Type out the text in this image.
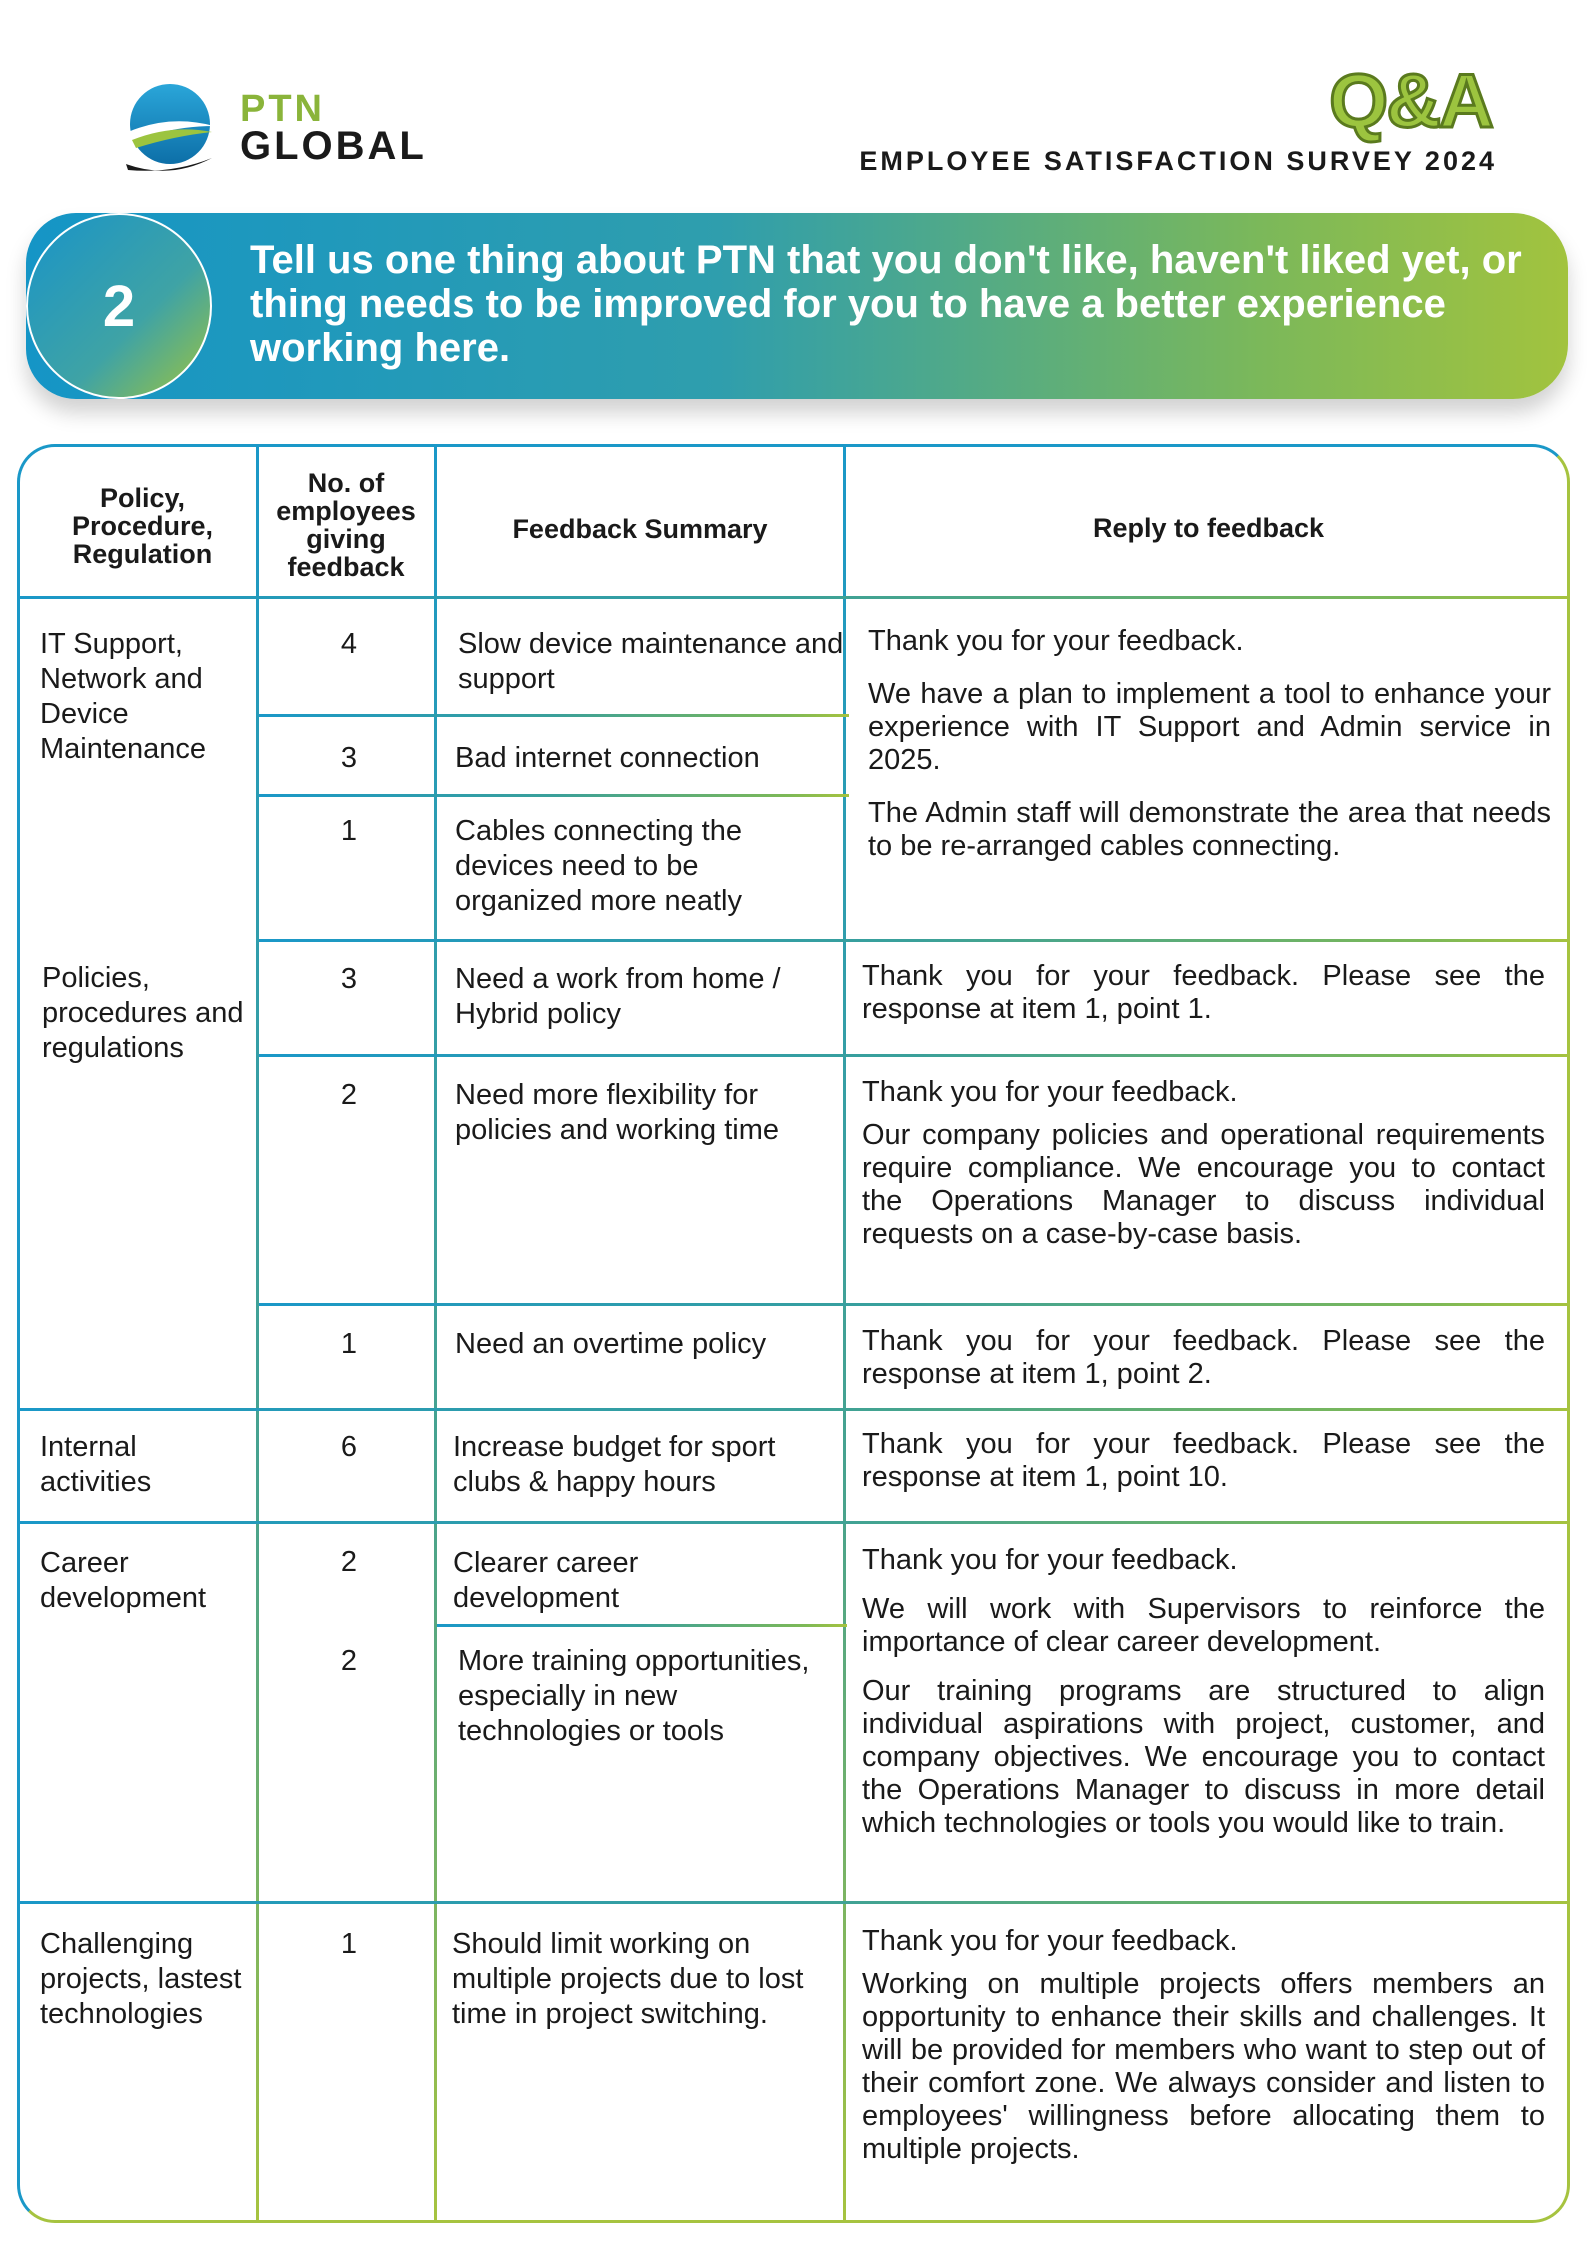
PTN
GLOBAL
Q&A
EMPLOYEE SATISFACTION SURVEY 2024
2
Tell us one thing about PTN that you don't like, haven't liked yet, or thing needs to be improved for you to have a better experience working here.
Policy, Procedure, Regulation
No. of employees giving feedback
Feedback Summary	Reply to feedback
IT Support, Network and Device Maintenance
Policies, procedures and regulations
Internal activities
Career development
Challenging projects, lastest technologies
4
3
1
3
2
1
6
2
2
1
Slow device maintenance and support
Bad internet connection
Cables connecting the devices need to be organized more neatly
Need a work from home / Hybrid policy
Need more flexibility for policies and working time
Need an overtime policy
Increase budget for sport clubs & happy hours
Clearer career development
More training opportunities, especially in new technologies or tools
Should limit working on multiple projects due to lost time in project switching.

Thank you for your feedback.

We have a plan to implement a tool to enhance your experience with IT Support and Admin service in 2025.

The Admin staff will demonstrate the area that needs to be re-arranged cables connecting.

Thank you for your feedback. Please see the response at item 1, point 1.

Thank you for your feedback.

Our company policies and operational requirements require compliance. We encourage you to contact the Operations Manager to discuss individual requests on a case-by-case basis.

Thank you for your feedback. Please see the response at item 1, point 2.

Thank you for your feedback. Please see the response at item 1, point 10.

Thank you for your feedback.

We will work with Supervisors to reinforce the importance of clear career development.

Our training programs are structured to align individual aspirations with project, customer, and company objectives. We encourage you to contact the Operations Manager to discuss in more detail which technologies or tools you would like to train.

Thank you for your feedback.

Working on multiple projects offers members an opportunity to enhance their skills and challenges. It will be provided for members who want to step out of their comfort zone. We always consider and listen to employees' willingness before allocating them to multiple projects.
